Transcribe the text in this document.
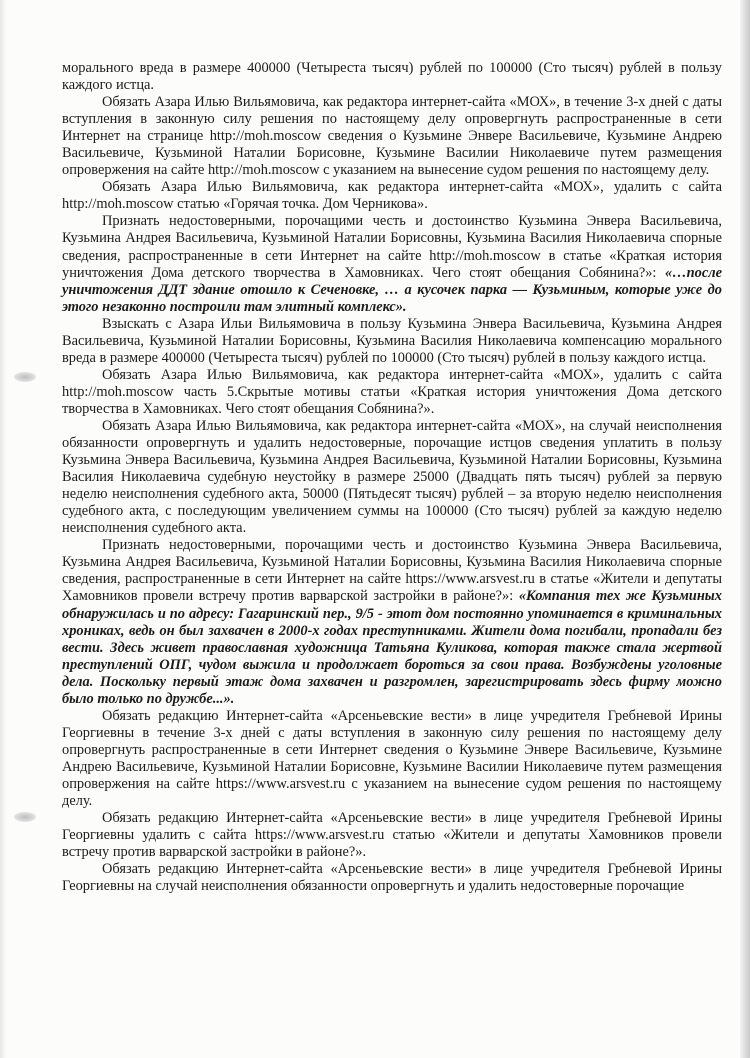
морального вреда в размере 400000 (Четыреста тысяч) рублей по 100000 (Сто тысяч) рублей в пользу каждого истца.

Обязать Азара Илью Вильямовича, как редактора интернет-сайта «МОХ», в течение 3-х дней с даты вступления в законную силу решения по настоящему делу опровергнуть распространенные в сети Интернет на странице http://moh.moscow сведения о Кузьмине Энвере Васильевиче, Кузьмине Андрею Васильевиче, Кузьминой Наталии Борисовне, Кузьмине Василии Николаевиче путем размещения опровержения на сайте http://moh.moscow с указанием на вынесение судом решения по настоящему делу.

Обязать Азара Илью Вильямовича, как редактора интернет-сайта «МОХ», удалить с сайта http://moh.moscow статью «Горячая точка. Дом Черникова».

Признать недостоверными, порочащими честь и достоинство Кузьмина Энвера Васильевича, Кузьмина Андрея Васильевича, Кузьминой Наталии Борисовны, Кузьмина Василия Николаевича спорные сведения, распространенные в сети Интернет на сайте http://moh.moscow в статье «Краткая история уничтожения Дома детского творчества в Хамовниках. Чего стоят обещания Собянина?»: «…после уничтожения ДДТ здание отошло к Сеченовке, … а кусочек парка — Кузьминым, которые уже до этого незаконно построили там элитный комплекс».

Взыскать с Азара Ильи Вильямовича в пользу Кузьмина Энвера Васильевича, Кузьмина Андрея Васильевича, Кузьминой Наталии Борисовны, Кузьмина Василия Николаевича компенсацию морального вреда в размере 400000 (Четыреста тысяч) рублей по 100000 (Сто тысяч) рублей в пользу каждого истца.

Обязать Азара Илью Вильямовича, как редактора интернет-сайта «МОХ», удалить с сайта http://moh.moscow часть 5.Скрытые мотивы статьи «Краткая история уничтожения Дома детского творчества в Хамовниках. Чего стоят обещания Собянина?».

Обязать Азара Илью Вильямовича, как редактора интернет-сайта «МОХ», на случай неисполнения обязанности опровергнуть и удалить недостоверные, порочащие истцов сведения уплатить в пользу Кузьмина Энвера Васильевича, Кузьмина Андрея Васильевича, Кузьминой Наталии Борисовны, Кузьмина Василия Николаевича судебную неустойку в размере 25000 (Двадцать пять тысяч) рублей за первую неделю неисполнения судебного акта, 50000 (Пятьдесят тысяч) рублей – за вторую неделю неисполнения судебного акта, с последующим увеличением суммы на 100000 (Сто тысяч) рублей за каждую неделю неисполнения судебного акта.

Признать недостоверными, порочащими честь и достоинство Кузьмина Энвера Васильевича, Кузьмина Андрея Васильевича, Кузьминой Наталии Борисовны, Кузьмина Василия Николаевича спорные сведения, распространенные в сети Интернет на сайте https://www.arsvest.ru в статье «Жители и депутаты Хамовников провели встречу против варварской застройки в районе?»: «Компания тех же Кузьминых обнаружилась и по адресу: Гагаринский пер., 9/5 - этот дом постоянно упоминается в криминальных хрониках, ведь он был захвачен в 2000-х годах преступниками. Жители дома погибали, пропадали без вести. Здесь живет православная художница Татьяна Куликова, которая также стала жертвой преступлений ОПГ, чудом выжила и продолжает бороться за свои права. Возбуждены уголовные дела. Поскольку первый этаж дома захвачен и разгромлен, зарегистрировать здесь фирму можно было только по дружбе...».

Обязать редакцию Интернет-сайта «Арсеньевские вести» в лице учредителя Гребневой Ирины Георгиевны в течение 3-х дней с даты вступления в законную силу решения по настоящему делу опровергнуть распространенные в сети Интернет сведения о Кузьмине Энвере Васильевиче, Кузьмине Андрею Васильевиче, Кузьминой Наталии Борисовне, Кузьмине Василии Николаевиче путем размещения опровержения на сайте https://www.arsvest.ru с указанием на вынесение судом решения по настоящему делу.

Обязать редакцию Интернет-сайта «Арсеньевские вести» в лице учредителя Гребневой Ирины Георгиевны удалить с сайта https://www.arsvest.ru статью «Жители и депутаты Хамовников провели встречу против варварской застройки в районе?».

Обязать редакцию Интернет-сайта «Арсеньевские вести» в лице учредителя Гребневой Ирины Георгиевны на случай неисполнения обязанности опровергнуть и удалить недостоверные порочащие
